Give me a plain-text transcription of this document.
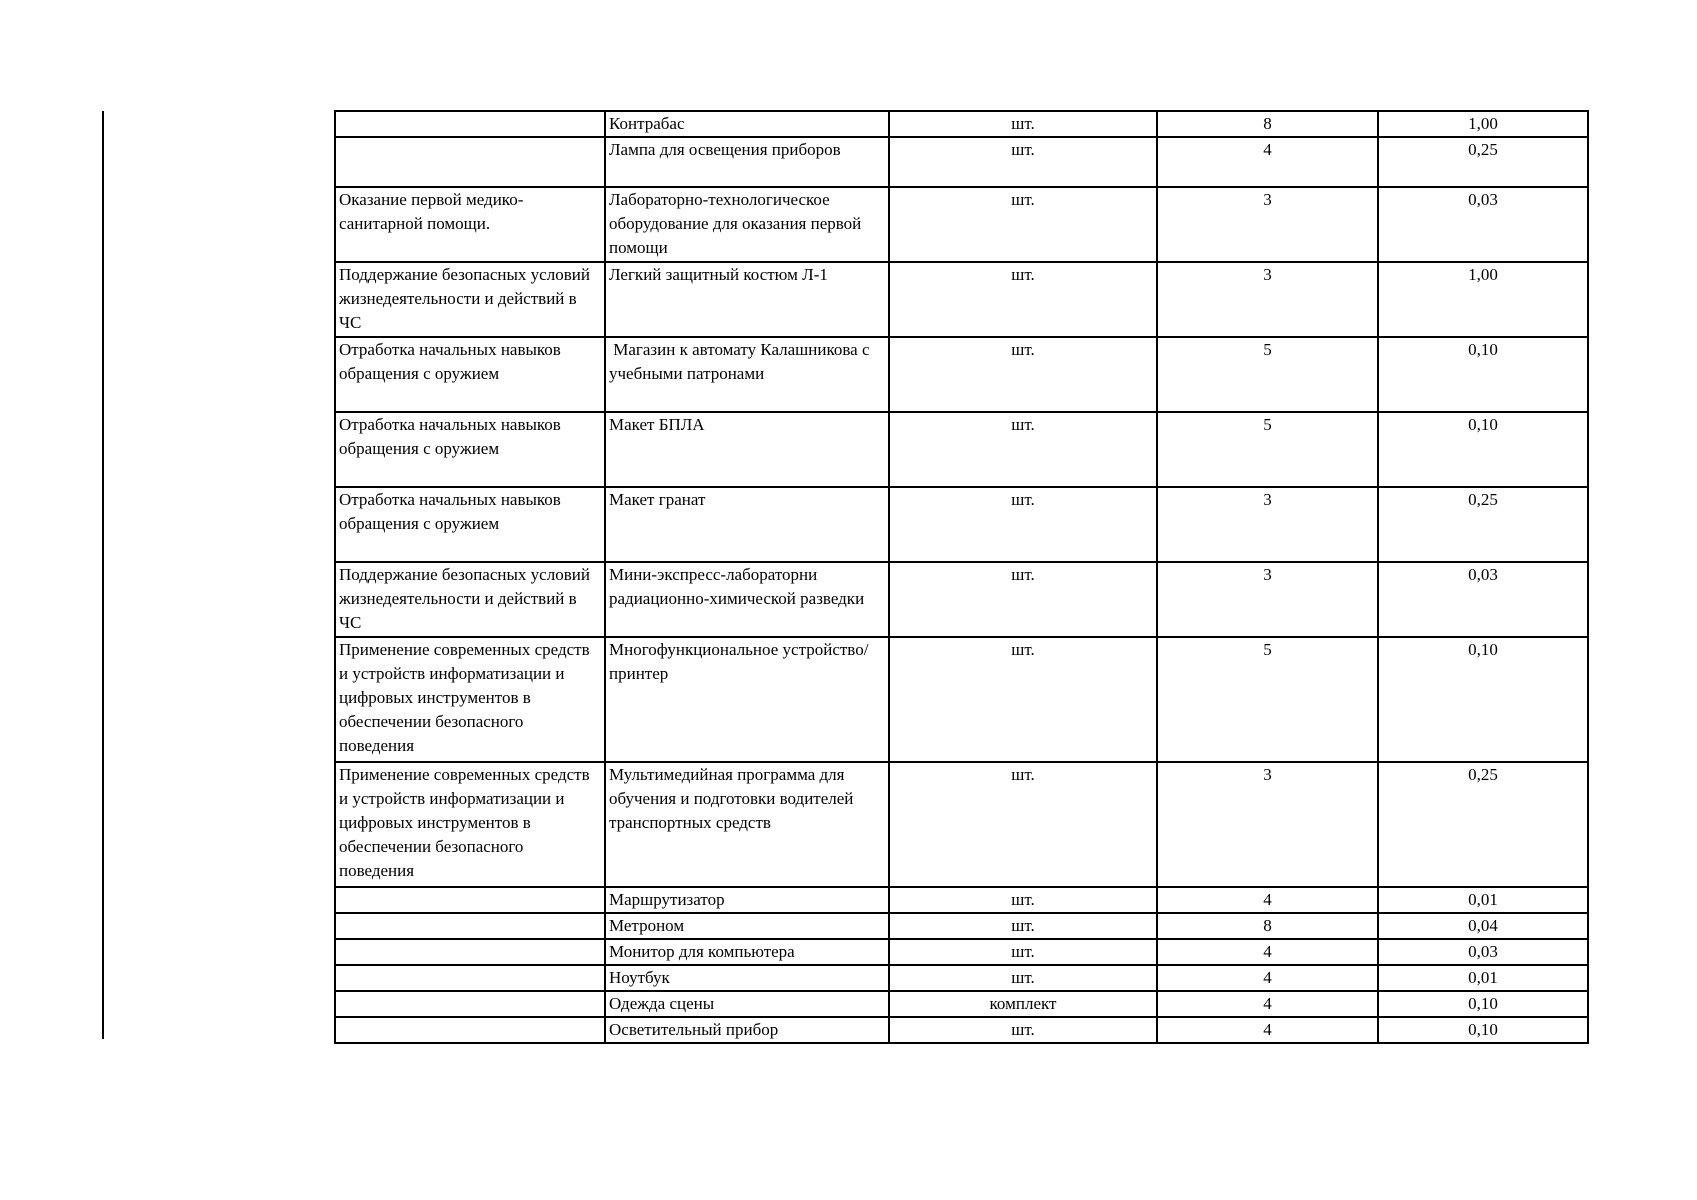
	Контрабас	шт.	8	1,00
	Лампа для освещения приборов	шт.	4	0,25
Оказание первой медико-санитарной помощи.	Лабораторно-технологическое оборудование для оказания первой помощи	шт.	3	0,03
Поддержание безопасных условий жизнедеятельности и действий в ЧС	Легкий защитный костюм Л-1	шт.	3	1,00
Отработка начальных навыков обращения с оружием	Магазин к автомату Калашникова с учебными патронами	шт.	5	0,10
Отработка начальных навыков обращения с оружием	Макет БПЛА	шт.	5	0,10
Отработка начальных навыков обращения с оружием	Макет гранат	шт.	3	0,25
Поддержание безопасных условий жизнедеятельности и действий в ЧС	Мини-экспресс-лабораторни радиационно-химической разведки	шт.	3	0,03
Применение современных средств и устройств информатизации и цифровых инструментов в обеспечении безопасного поведения	Многофункциональное устройство/принтер	шт.	5	0,10
Применение современных средств и устройств информатизации и цифровых инструментов в обеспечении безопасного поведения	Мультимедийная программа для обучения и подготовки водителей транспортных средств	шт.	3	0,25
	Маршрутизатор	шт.	4	0,01
	Метроном	шт.	8	0,04
	Монитор для компьютера	шт.	4	0,03
	Ноутбук	шт.	4	0,01
	Одежда сцены	комплект	4	0,10
	Осветительный прибор	шт.	4	0,10
